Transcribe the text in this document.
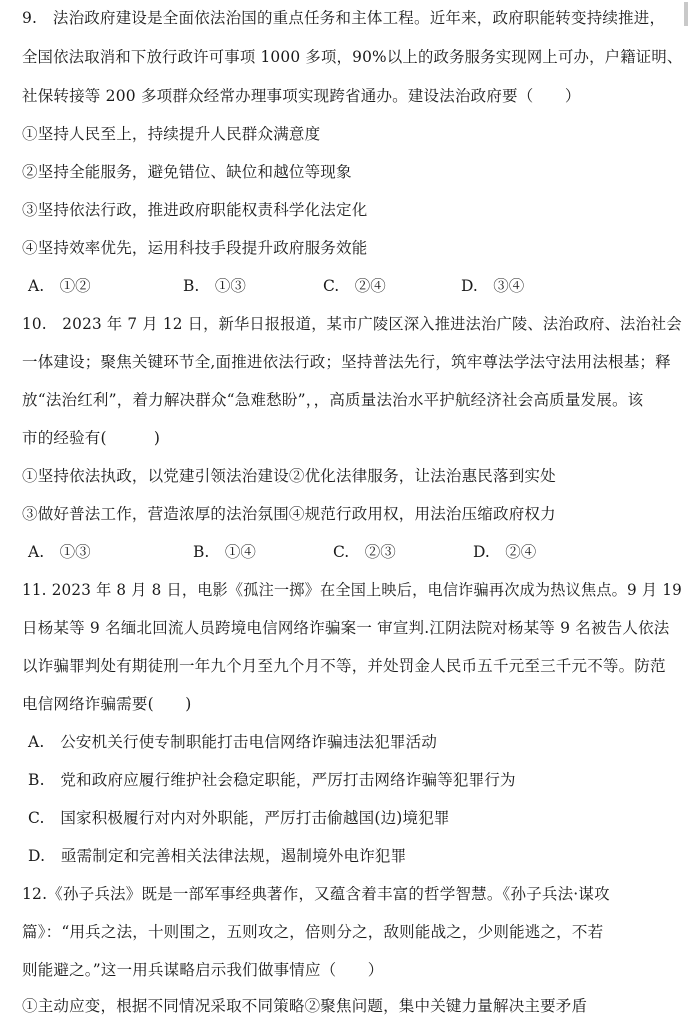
9.　法治政府建设是全面依法治国的重点任务和主体工程。近年来，政府职能转变持续推进，
全国依法取消和下放行政许可事项 1000 多项，90%以上的政务服务实现网上可办，户籍证明、
社保转接等 200 多项群众经常办理事项实现跨省通办。建设法治政府要（　　）
①坚持人民至上，持续提升人民群众满意度
②坚持全能服务，避免错位、缺位和越位等现象
③坚持依法行政，推进政府职能权责科学化法定化
④坚持效率优先，运用科技手段提升政府服务效能
A.　①②	B.　①③	C.　②④	D.　③④
10.　2023 年 7 月 12 日，新华日报报道，某市广陵区深入推进法治广陵、法治政府、法治社会
一体建设；聚焦关键环节全,面推进依法行政；坚持普法先行，筑牢尊法学法守法用法根基；释
放“法治红利”，着力解决群众“急难愁盼”，，高质量法治水平护航经济社会高质量发展。该
市的经验有(　　　)
①坚持依法执政，以党建引领法治建设②优化法律服务，让法治惠民落到实处
③做好普法工作，营造浓厚的法治氛围④规范行政用权，用法治压缩政府权力
A.　①③	B.　①④	C.　②③	D.　②④
11. 2023 年 8 月 8 日，电影《孤注一掷》在全国上映后，电信诈骗再次成为热议焦点。9 月 19
日杨某等 9 名缅北回流人员跨境电信网络诈骗案一 审宣判.江阴法院对杨某等 9 名被告人依法
以诈骗罪判处有期徒刑一年九个月至九个月不等，并处罚金人民币五千元至三千元不等。防范
电信网络诈骗需要(　　)
A.　公安机关行使专制职能打击电信网络诈骗违法犯罪活动
B.　党和政府应履行维护社会稳定职能，严厉打击网络诈骗等犯罪行为
C.　国家积极履行对内对外职能，严厉打击偷越国(边)境犯罪
D.　亟需制定和完善相关法律法规，遏制境外电诈犯罪
12.《孙子兵法》既是一部军事经典著作，又蕴含着丰富的哲学智慧。《孙子兵法·谋攻
篇》：“用兵之法，十则围之，五则攻之，倍则分之，敌则能战之，少则能逃之，不若
则能避之。”这一用兵谋略启示我们做事情应（　　）
①主动应变，根据不同情况采取不同策略②聚焦问题，集中关键力量解决主要矛盾
